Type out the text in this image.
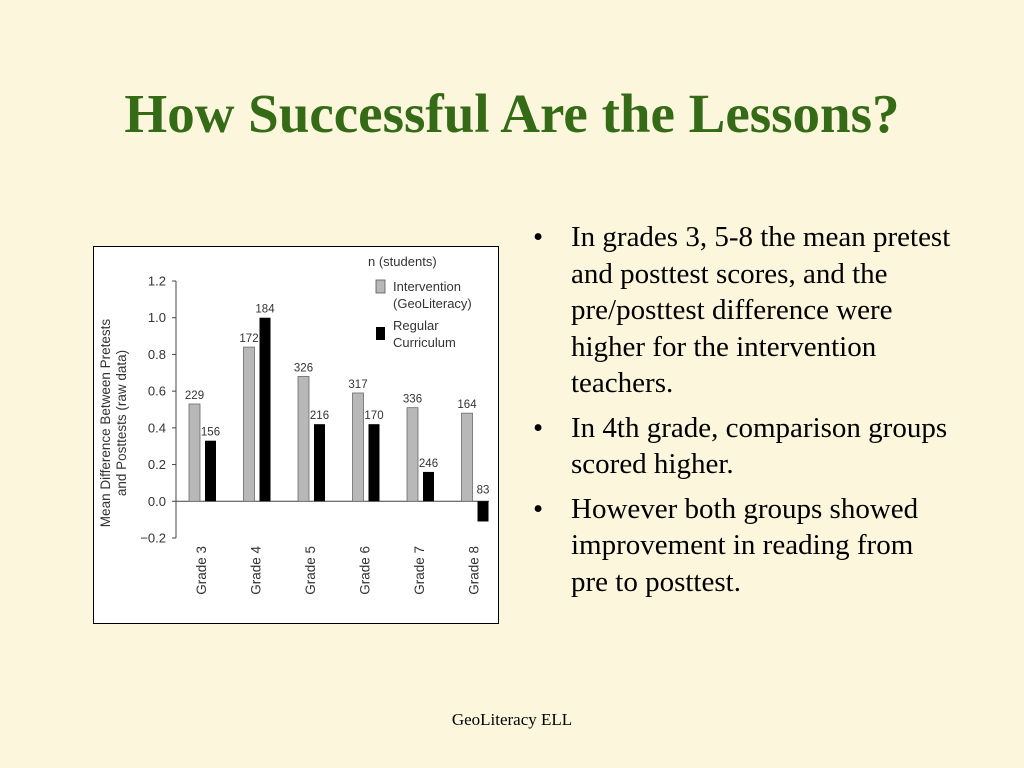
How Successful Are the Lessons?
Mean Difference Between Pretests and Posttests (raw data)
−0.2
0.0
0.2
0.4
0.6
0.8
1.0
1.2
229
156
172
184
326
216
317
170
336
246
164
83
Grade 3	Grade 4	Grade 5	Grade 6	Grade 7	Grade 8
n (students)
Intervention
(GeoLiteracy)
Regular
Curriculum
• In grades 3, 5-8 the mean pretest and posttest scores, and the pre/posttest difference were higher for the intervention teachers.
• In 4th grade, comparison groups scored higher.
• However both groups showed improvement in reading from pre to posttest.
GeoLiteracy ELL
